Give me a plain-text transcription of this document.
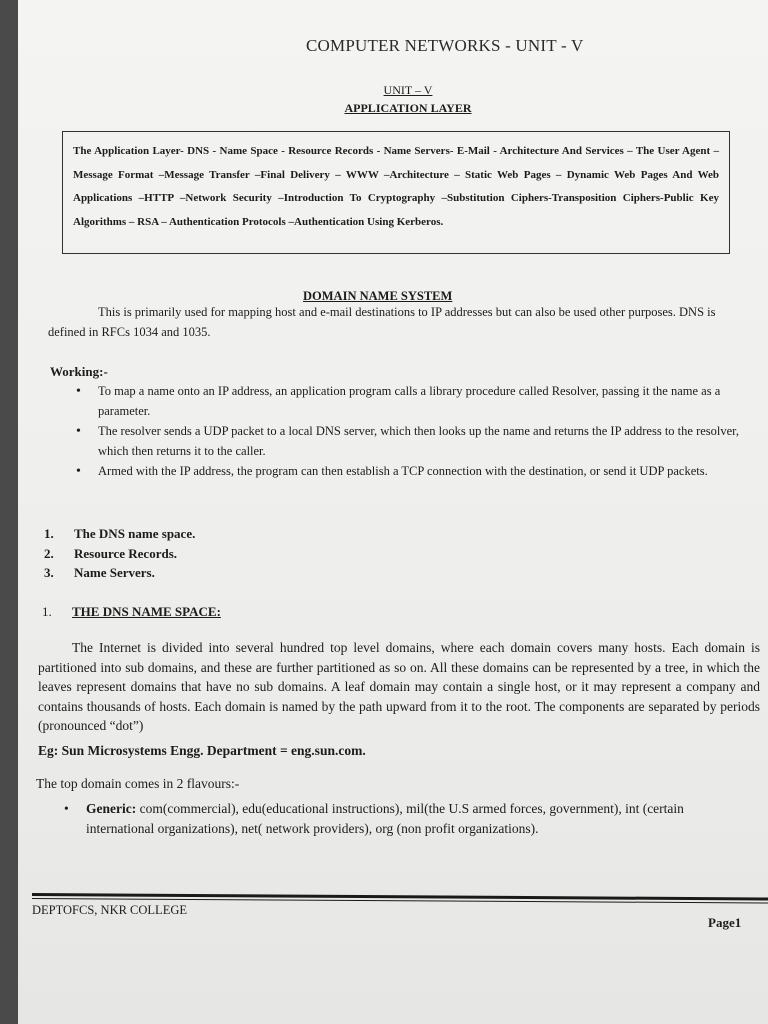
COMPUTER NETWORKS - UNIT - V
UNIT – V
APPLICATION LAYER
The Application Layer- DNS - Name Space - Resource Records - Name Servers- E-Mail - Architecture And Services – The User Agent –Message Format –Message Transfer –Final Delivery – WWW –Architecture – Static Web Pages – Dynamic Web Pages And Web Applications –HTTP –Network Security –Introduction To Cryptography –Substitution Ciphers-Transposition Ciphers-Public Key Algorithms – RSA – Authentication Protocols –Authentication Using Kerberos.
DOMAIN NAME SYSTEM
This is primarily used for mapping host and e-mail destinations to IP addresses but can also be used other purposes. DNS is defined in RFCs 1034 and 1035.
Working:-
• To map a name onto an IP address, an application program calls a library procedure called Resolver, passing it the name as a parameter.
• The resolver sends a UDP packet to a local DNS server, which then looks up the name and returns the IP address to the resolver, which then returns it to the caller.
• Armed with the IP address, the program can then establish a TCP connection with the destination, or send it UDP packets.
1. The DNS name space.
2. Resource Records.
3. Name Servers.
1. THE DNS NAME SPACE:
The Internet is divided into several hundred top level domains, where each domain covers many hosts. Each domain is partitioned into sub domains, and these are further partitioned as so on. All these domains can be represented by a tree, in which the leaves represent domains that have no sub domains. A leaf domain may contain a single host, or it may represent a company and contains thousands of hosts. Each domain is named by the path upward from it to the root. The components are separated by periods (pronounced “dot”)
Eg: Sun Microsystems Engg. Department = eng.sun.com.
The top domain comes in 2 flavours:-
• Generic: com(commercial), edu(educational instructions), mil(the U.S armed forces, government), int (certain international organizations), net( network providers), org (non profit organizations).
DEPTOFCS, NKR COLLEGE
Page1
